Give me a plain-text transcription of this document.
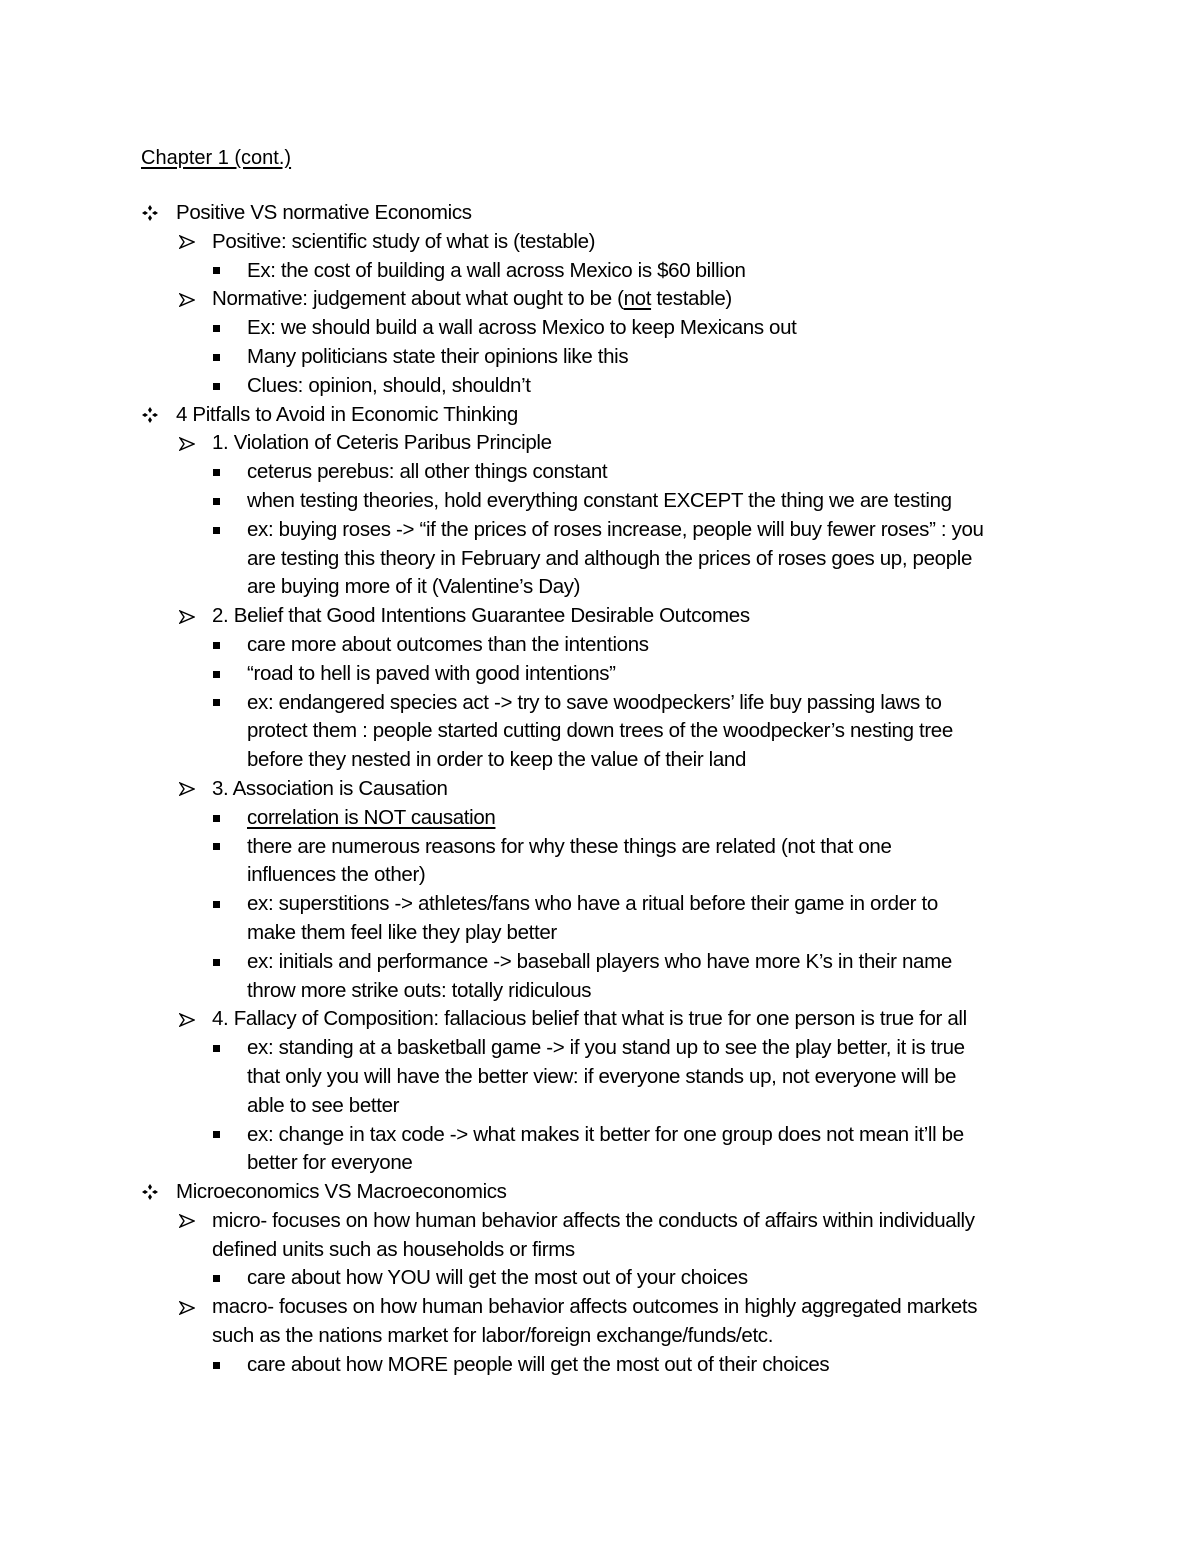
Chapter 1 (cont.)
Positive VS normative Economics
Positive: scientific study of what is (testable)
Ex: the cost of building a wall across Mexico is $60 billion
Normative: judgement about what ought to be (not testable)
Ex: we should build a wall across Mexico to keep Mexicans out
Many politicians state their opinions like this
Clues: opinion, should, shouldn’t
4 Pitfalls to Avoid in Economic Thinking
1. Violation of Ceteris Paribus Principle
ceterus perebus: all other things constant
when testing theories, hold everything constant EXCEPT the thing we are testing
ex: buying roses -> “if the prices of roses increase, people will buy fewer roses” : you
are testing this theory in February and although the prices of roses goes up, people
are buying more of it (Valentine’s Day)
2. Belief that Good Intentions Guarantee Desirable Outcomes
care more about outcomes than the intentions
“road to hell is paved with good intentions”
ex: endangered species act -> try to save woodpeckers’ life buy passing laws to
protect them : people started cutting down trees of the woodpecker’s nesting tree
before they nested in order to keep the value of their land
3. Association is Causation
correlation is NOT causation
there are numerous reasons for why these things are related (not that one
influences the other)
ex: superstitions -> athletes/fans who have a ritual before their game in order to
make them feel like they play better
ex: initials and performance -> baseball players who have more K’s in their name
throw more strike outs: totally ridiculous
4. Fallacy of Composition: fallacious belief that what is true for one person is true for all
ex: standing at a basketball game -> if you stand up to see the play better, it is true
that only you will have the better view: if everyone stands up, not everyone will be
able to see better
ex: change in tax code -> what makes it better for one group does not mean it’ll be
better for everyone
Microeconomics VS Macroeconomics
micro- focuses on how human behavior affects the conducts of affairs within individually
defined units such as households or firms
care about how YOU will get the most out of your choices
macro- focuses on how human behavior affects outcomes in highly aggregated markets
such as the nations market for labor/foreign exchange/funds/etc.
care about how MORE people will get the most out of their choices
